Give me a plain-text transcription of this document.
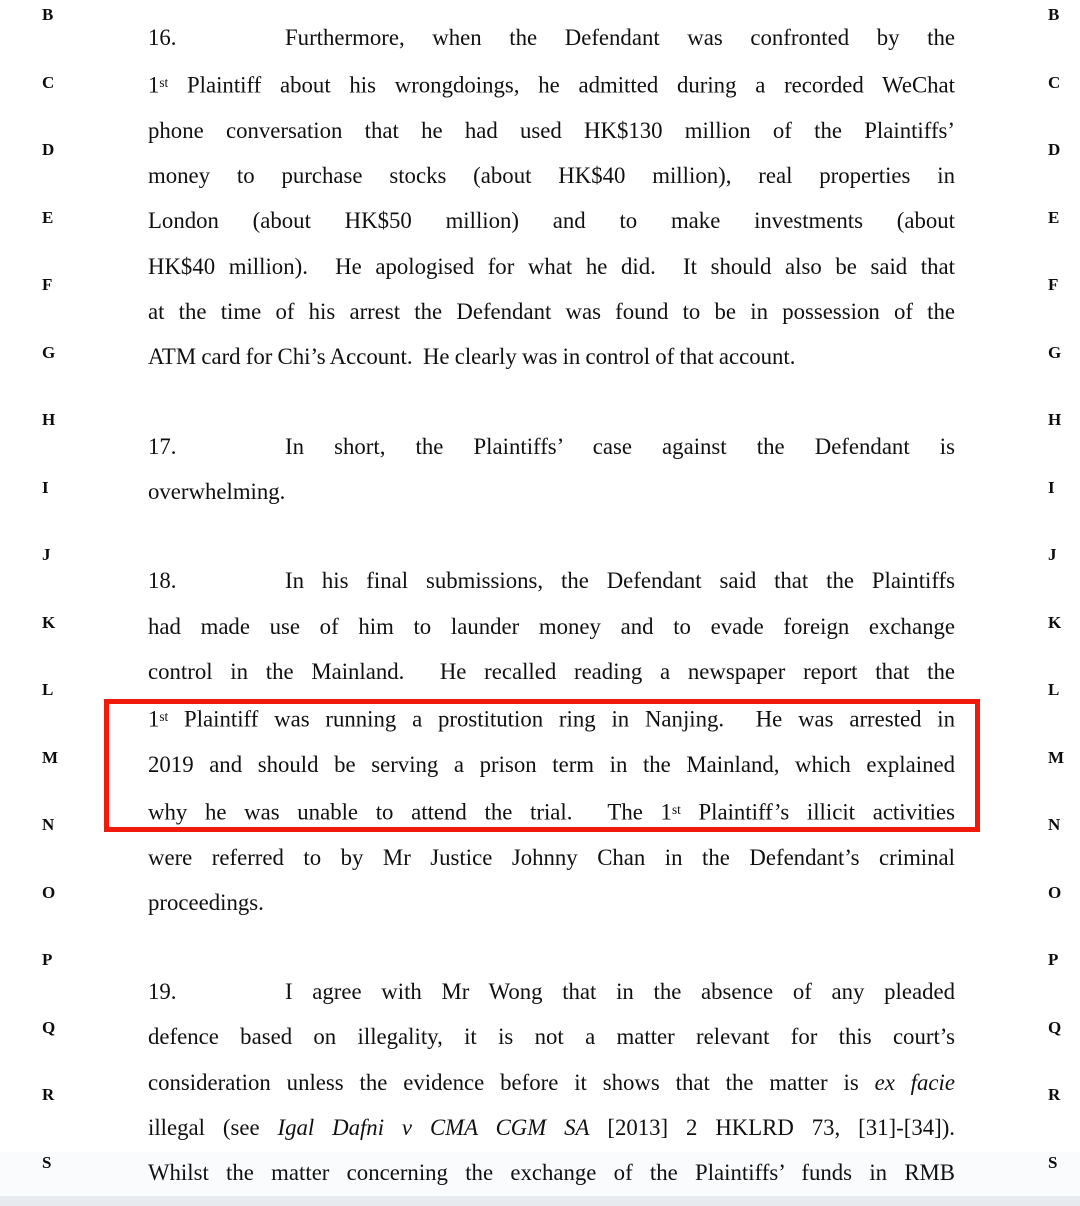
B
C
D
E
F
G
H
I
J
K
L
M
N
O
P
Q
R
S
B
C
D
E
F
G
H
I
J
K
L
M
N
O
P
Q
R
S
16.	Furthermore, when the Defendant was confronted by the
1st Plaintiff about his wrongdoings, he admitted during a recorded WeChat
phone conversation that he had used HK$130 million of the Plaintiffs’
money to purchase stocks (about HK$40 million), real properties in
London (about HK$50 million) and to make investments (about
HK$40 million).  He apologised for what he did.  It should also be said that
at the time of his arrest the Defendant was found to be in possession of the
ATM card for Chi’s Account.  He clearly was in control of that account.
17.	In short, the Plaintiffs’ case against the Defendant is
overwhelming.
18.	In his final submissions, the Defendant said that the Plaintiffs
had made use of him to launder money and to evade foreign exchange
control in the Mainland.  He recalled reading a newspaper report that the
1st Plaintiff was running a prostitution ring in Nanjing.  He was arrested in
2019 and should be serving a prison term in the Mainland, which explained
why he was unable to attend the trial.  The 1st Plaintiff’s illicit activities
were referred to by Mr Justice Johnny Chan in the Defendant’s criminal
proceedings.
19.	I agree with Mr Wong that in the absence of any pleaded
defence based on illegality, it is not a matter relevant for this court’s
consideration unless the evidence before it shows that the matter is ex facie
illegal (see Igal Dafni v CMA CGM SA [2013] 2 HKLRD 73, [31]-[34]).
Whilst the matter concerning the exchange of the Plaintiffs’ funds in RMB
